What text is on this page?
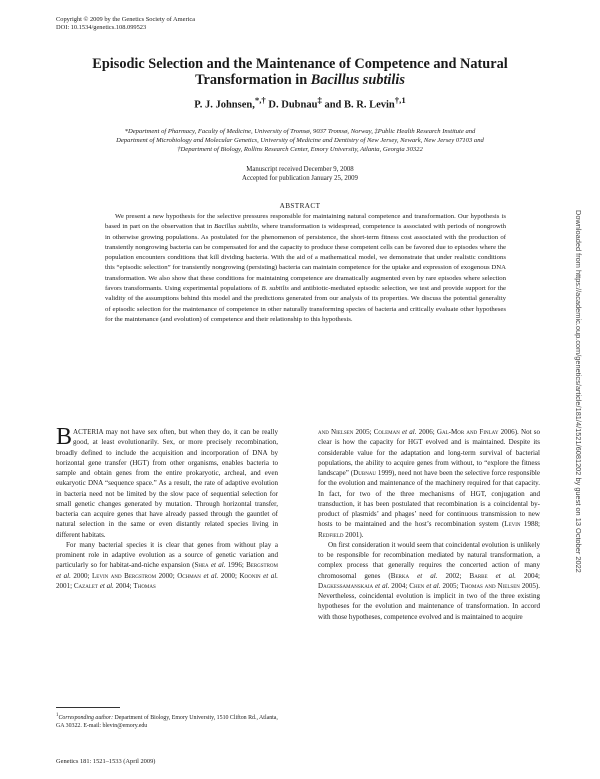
Copyright © 2009 by the Genetics Society of America
DOI: 10.1534/genetics.108.099523
Episodic Selection and the Maintenance of Competence and Natural
Transformation in Bacillus subtilis
P. J. Johnsen,*,† D. Dubnau‡ and B. R. Levin$^{\dagger,1}$
*Department of Pharmacy, Faculty of Medicine, University of Tromsø, 9037 Tromsø, Norway, ‡Public Health Research Institute and
Department of Microbiology and Molecular Genetics, University of Medicine and Dentistry of New Jersey, Newark, New Jersey 07103 and
†Department of Biology, Rollins Research Center, Emory University, Atlanta, Georgia 30322
Manuscript received December 9, 2008
Accepted for publication January 25, 2009
ABSTRACT

We present a new hypothesis for the selective pressures responsible for maintaining natural competence and transformation. Our hypothesis is based in part on the observation that in Bacillus subtilis, where transformation is widespread, competence is associated with periods of nongrowth in otherwise growing populations. As postulated for the phenomenon of persistence, the short-term fitness cost associated with the production of transiently nongrowing bacteria can be compensated for and the capacity to produce these competent cells can be favored due to episodes where the population encounters conditions that kill dividing bacteria. With the aid of a mathematical model, we demonstrate that under realistic conditions this “episodic selection” for transiently nongrowing (persisting) bacteria can maintain competence for the uptake and expression of exogenous DNA transformation. We also show that these conditions for maintaining competence are dramatically augmented even by rare episodes where selection favors transformants. Using experimental populations of B. subtilis and antibiotic-mediated episodic selection, we test and provide support for the validity of the assumptions behind this model and the predictions generated from our analysis of its properties. We discuss the potential generality of episodic selection for the maintenance of competence in other naturally transforming species of bacteria and critically evaluate other hypotheses for the maintenance (and evolution) of competence and their relationship to this hypothesis.

BACTERIA may not have sex often, but when they do, it can be really good, at least evolutionarily. Sex, or more precisely recombination, broadly defined to include the acquisition and incorporation of DNA by horizontal gene transfer (HGT) from other organisms, enables bacteria to sample and obtain genes from the entire prokaryotic, archeal, and even eukaryotic DNA “sequence space.” As a result, the rate of adaptive evolution in bacteria need not be limited by the slow pace of sequential selection for small genetic changes generated by mutation. Through horizontal transfer, bacteria can acquire genes that have already passed through the gauntlet of natural selection in the same or even distantly related species living in different habitats.

For many bacterial species it is clear that genes from without play a prominent role in adaptive evolution as a source of genetic variation and particularly so for habitat-and-niche expansion (Shea et al. 1996; Bergstrom et al. 2000; Levin and Bergstrom 2000; Ochman et al. 2000; Koonin et al. 2001; Cazalet et al. 2004; Thomas

and Nielsen 2005; Coleman et al. 2006; Gal-Mor and Finlay 2006). Not so clear is how the capacity for HGT evolved and is maintained. Despite its considerable value for the adaptation and long-term survival of bacterial populations, the ability to acquire genes from without, to “explore the fitness landscape” (Dubnau 1999), need not have been the selective force responsible for the evolution and maintenance of the machinery required for that capacity. In fact, for two of the three mechanisms of HGT, conjugation and transduction, it has been postulated that recombination is a coincidental by-product of plasmids’ and phages’ need for continuous transmission to new hosts to be maintained and the host’s recombination system (Levin 1988; Redfield 2001).

On first consideration it would seem that coincidental evolution is unlikely to be responsible for recombination mediated by natural transformation, a complex process that generally requires the concerted action of many chromosomal genes (Berka et al. 2002; Barbe et al. 2004; Dagkessamanskaia et al. 2004; Chen et al. 2005; Thomas and Nielsen 2005). Nevertheless, coincidental evolution is implicit in two of the three existing hypotheses for the evolution and maintenance of transformation. In accord with those hypotheses, competence evolved and is maintained to acquire

$^1$Corresponding author: Department of Biology, Emory University, 1510 Clifton Rd., Atlanta, GA 30322. E-mail: blevin@emory.edu
Genetics 181: 1521–1533 (April 2009)
Downloaded from https://academic.oup.com/genetics/article/181/4/1521/6081202 by guest on 13 October 2022
